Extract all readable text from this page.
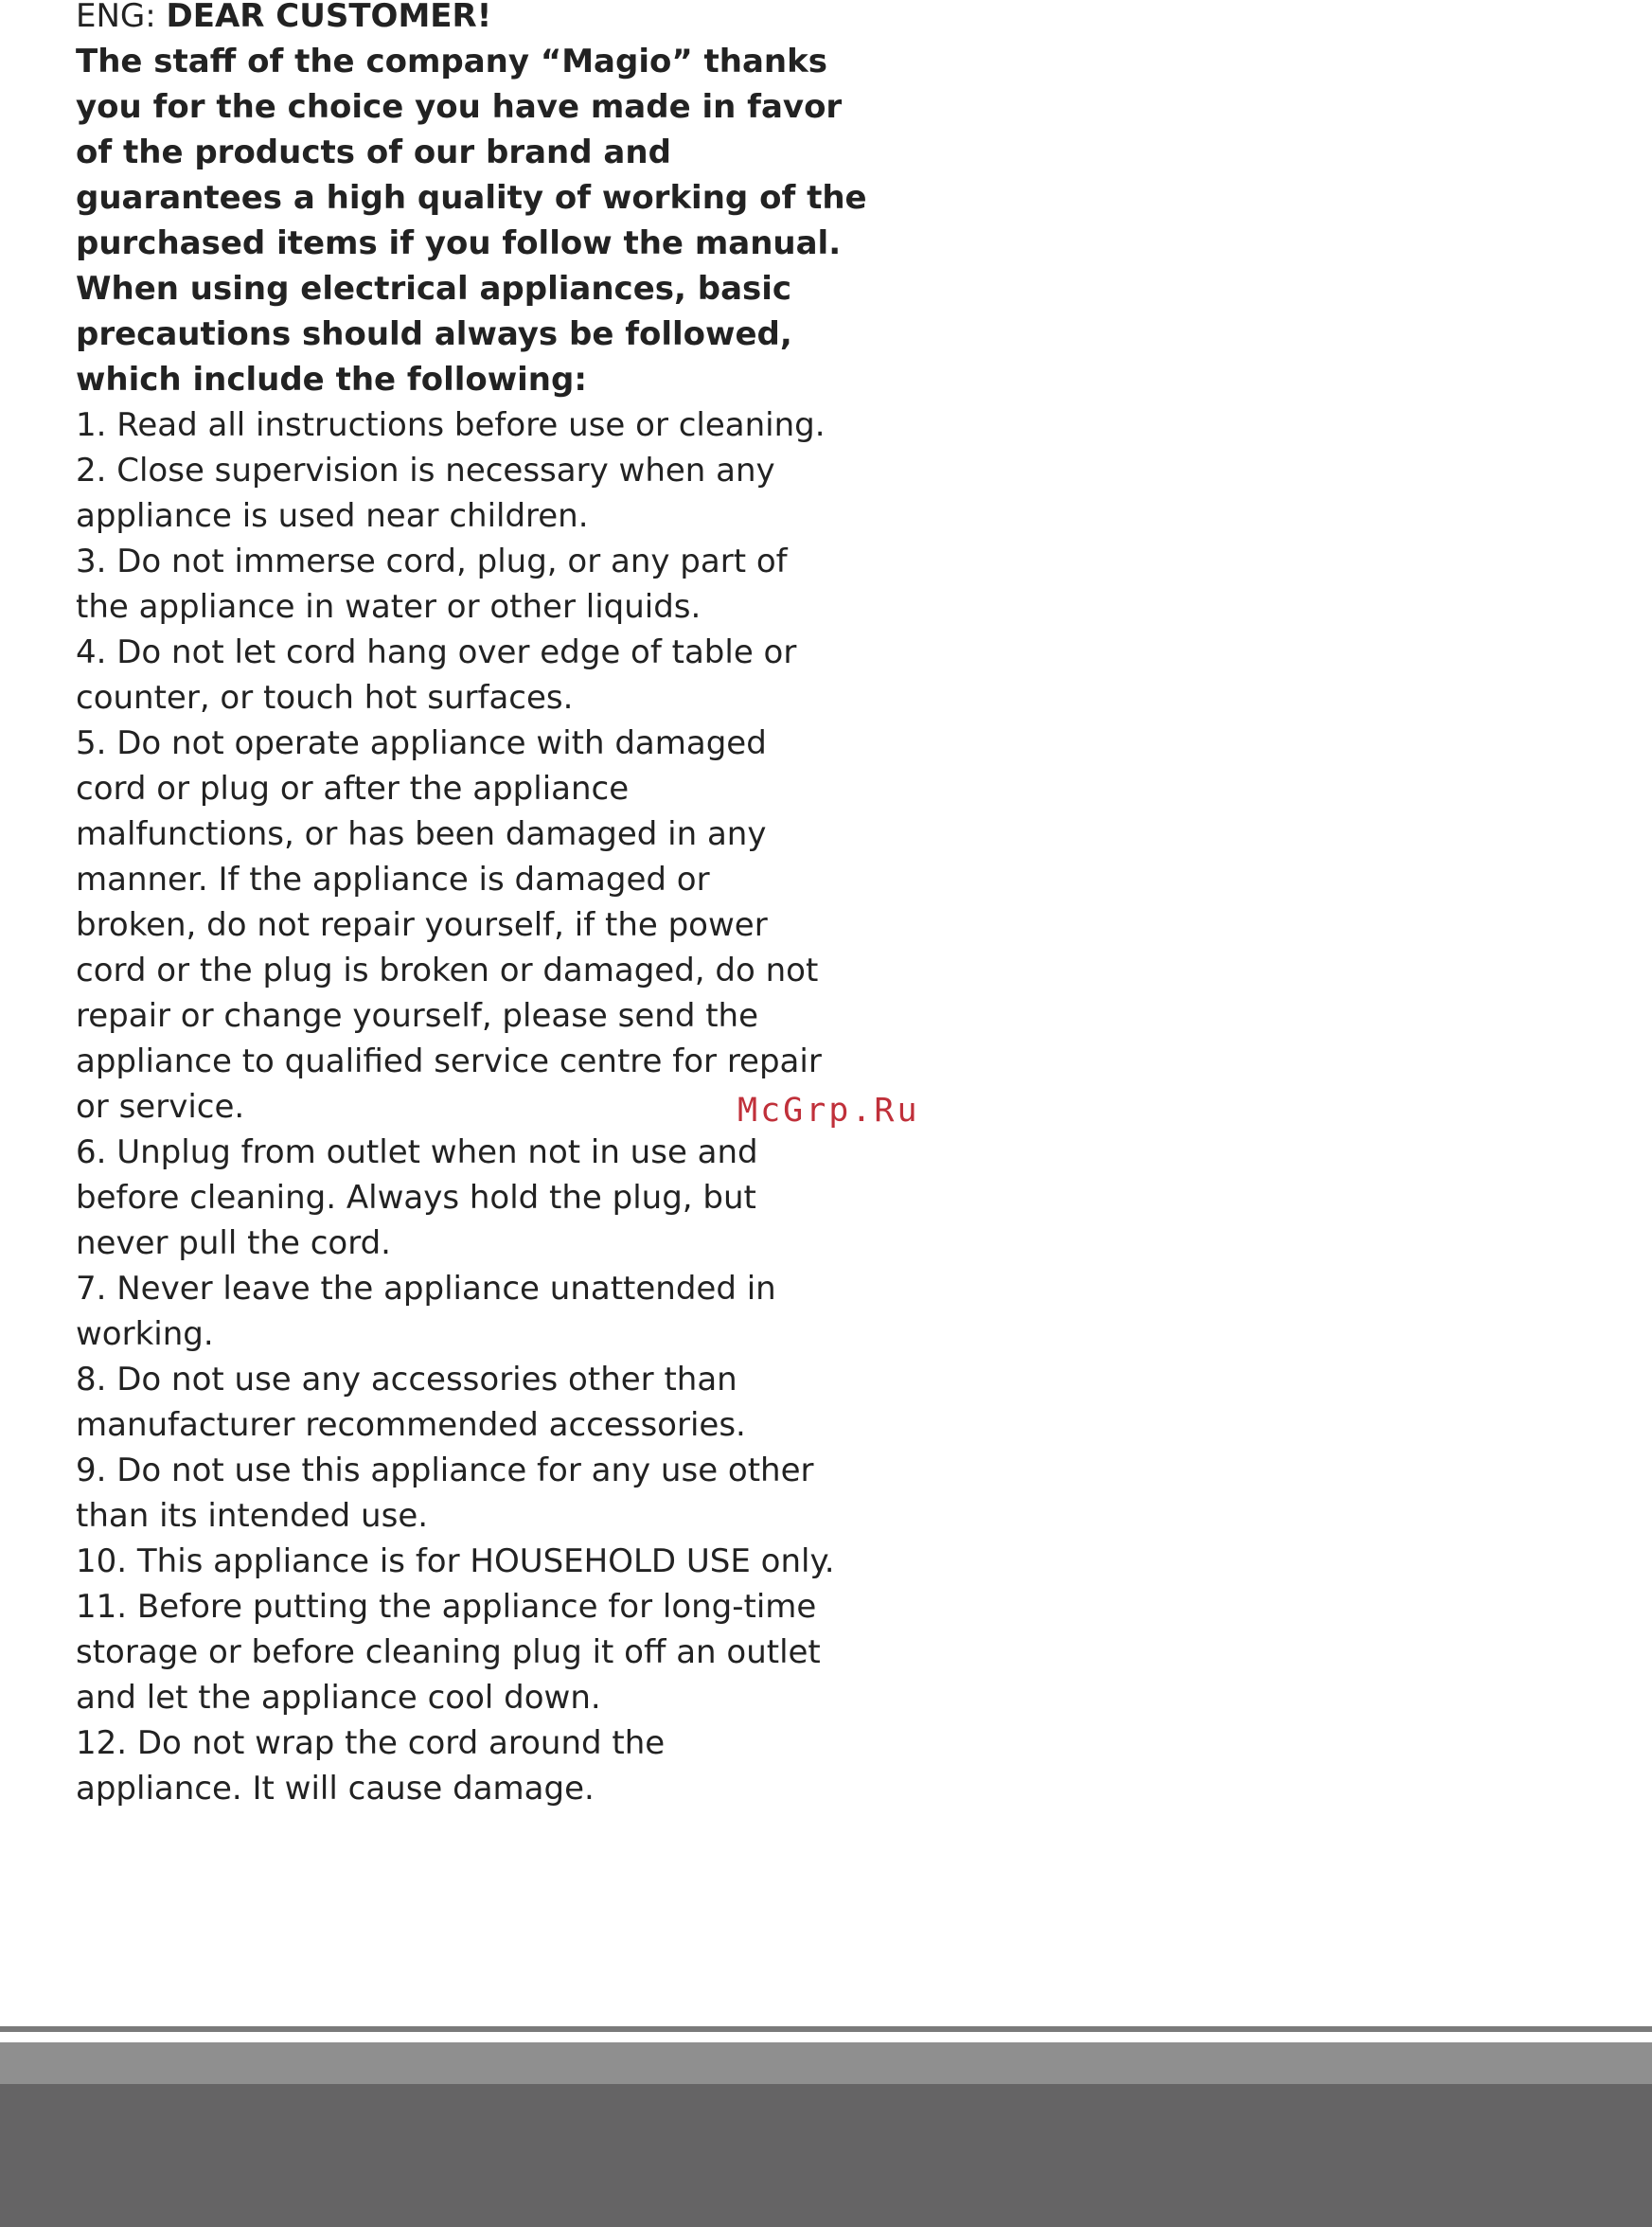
ENG: DEAR CUSTOMER!

The staff of the company “Magio” thanks

you for the choice you have made in favor

of the products of our brand and

guarantees a high quality of working of the

purchased items if you follow the manual.

When using electrical appliances, basic

precautions should always be followed,

which include the following:

1. Read all instructions before use or cleaning.

2. Close supervision is necessary when any

appliance is used near children.

3. Do not immerse cord, plug, or any part of

the appliance in water or other liquids.

4. Do not let cord hang over edge of table or

counter, or touch hot surfaces.

5. Do not operate appliance with damaged

cord or plug or after the appliance

malfunctions, or has been damaged in any

manner. If the appliance is damaged or

broken, do not repair yourself, if the power

cord or the plug is broken or damaged, do not

repair or change yourself, please send the

appliance to qualified service centre for repair

or service.

6. Unplug from outlet when not in use and

before cleaning. Always hold the plug, but

never pull the cord.

7. Never leave the appliance unattended in

working.

8. Do not use any accessories other than

manufacturer recommended accessories.

9. Do not use this appliance for any use other

than its intended use.

10. This appliance is for HOUSEHOLD USE only.

11. Before putting the appliance for long-time

storage or before cleaning plug it off an outlet

and let the appliance cool down.

12. Do not wrap the cord around the

appliance. It will cause damage.

McGrp.Ru
